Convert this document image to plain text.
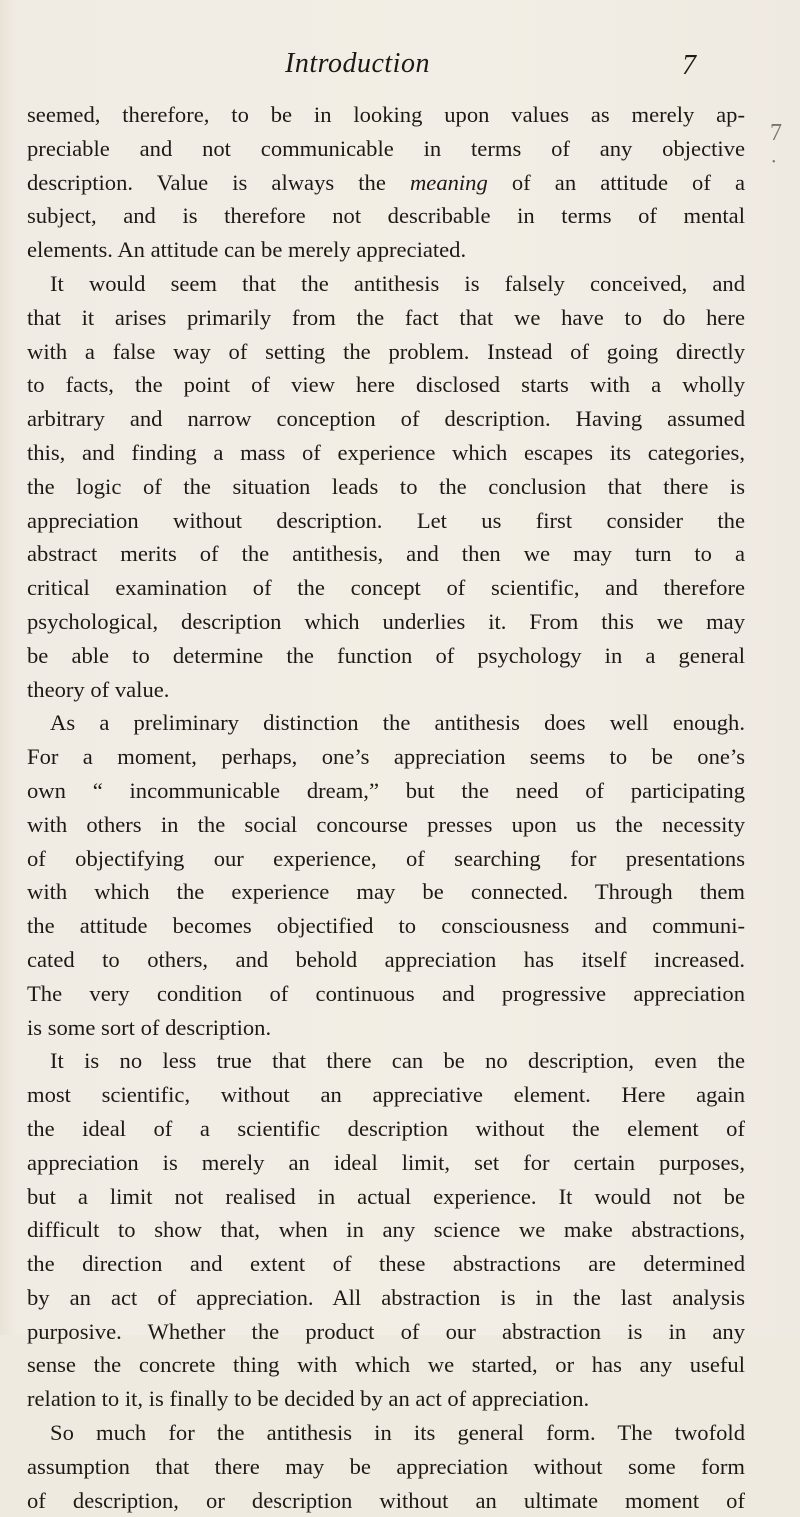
Introduction	7
seemed, therefore, to be in looking upon values as merely ap-
preciable and not communicable in terms of any objective
description. Value is always the meaning of an attitude of a
subject, and is therefore not describable in terms of mental
elements. An attitude can be merely appreciated.
It would seem that the antithesis is falsely conceived, and
that it arises primarily from the fact that we have to do here
with a false way of setting the problem. Instead of going directly
to facts, the point of view here disclosed starts with a wholly
arbitrary and narrow conception of description. Having assumed
this, and finding a mass of experience which escapes its categories,
the logic of the situation leads to the conclusion that there is
appreciation without description. Let us first consider the
abstract merits of the antithesis, and then we may turn to a
critical examination of the concept of scientific, and therefore
psychological, description which underlies it. From this we may
be able to determine the function of psychology in a general
theory of value.
As a preliminary distinction the antithesis does well enough.
For a moment, perhaps, one’s appreciation seems to be one’s
own “ incommunicable dream,” but the need of participating
with others in the social concourse presses upon us the necessity
of objectifying our experience, of searching for presentations
with which the experience may be connected. Through them
the attitude becomes objectified to consciousness and communi-
cated to others, and behold appreciation has itself increased.
The very condition of continuous and progressive appreciation
is some sort of description.
It is no less true that there can be no description, even the
most scientific, without an appreciative element. Here again
the ideal of a scientific description without the element of
appreciation is merely an ideal limit, set for certain purposes,
but a limit not realised in actual experience. It would not be
difficult to show that, when in any science we make abstractions,
the direction and extent of these abstractions are determined
by an act of appreciation. All abstraction is in the last analysis
purposive. Whether the product of our abstraction is in any
sense the concrete thing with which we started, or has any useful
relation to it, is finally to be decided by an act of appreciation.
So much for the antithesis in its general form. The twofold
assumption that there may be appreciation without some form
of description, or description without an ultimate moment of
7
•
